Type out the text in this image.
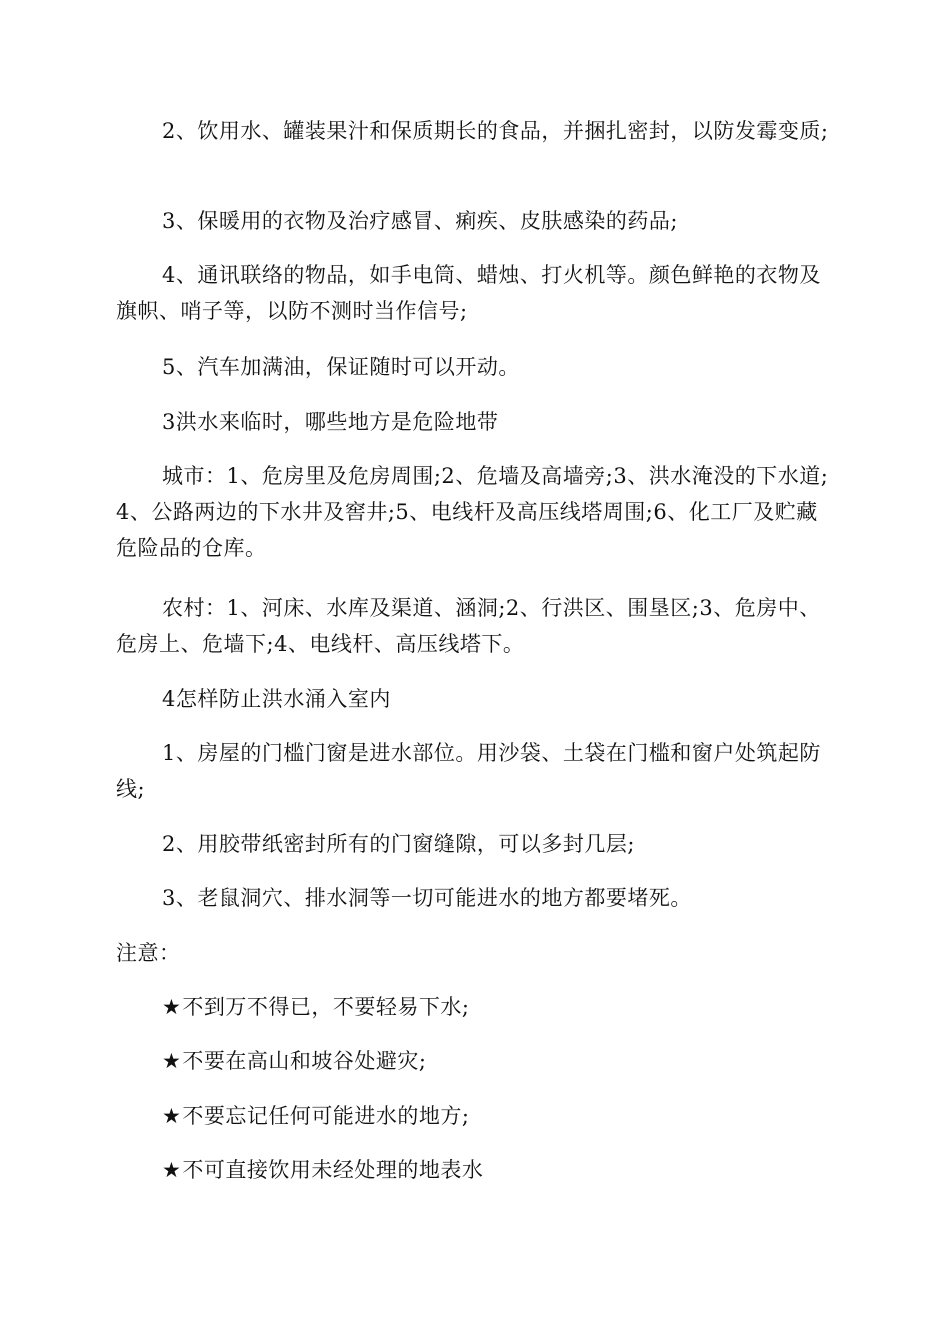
2、饮用水、罐装果汁和保质期长的食品，并捆扎密封，以防发霉变质;

3、保暖用的衣物及治疗感冒、痢疾、皮肤感染的药品;

4、通讯联络的物品，如手电筒、蜡烛、打火机等。颜色鲜艳的衣物及旗帜、哨子等，以防不测时当作信号;

5、汽车加满油，保证随时可以开动。

3洪水来临时，哪些地方是危险地带

城市：1、危房里及危房周围;2、危墙及高墙旁;3、洪水淹没的下水道;4、公路两边的下水井及窖井;5、电线杆及高压线塔周围;6、化工厂及贮藏危险品的仓库。

农村：1、河床、水库及渠道、涵洞;2、行洪区、围垦区;3、危房中、危房上、危墙下;4、电线杆、高压线塔下。

4怎样防止洪水涌入室内

1、房屋的门槛门窗是进水部位。用沙袋、土袋在门槛和窗户处筑起防线;

2、用胶带纸密封所有的门窗缝隙，可以多封几层;

3、老鼠洞穴、排水洞等一切可能进水的地方都要堵死。

注意：

★不到万不得已，不要轻易下水;
★不要在高山和坡谷处避灾;
★不要忘记任何可能进水的地方;
★不可直接饮用未经处理的地表水
